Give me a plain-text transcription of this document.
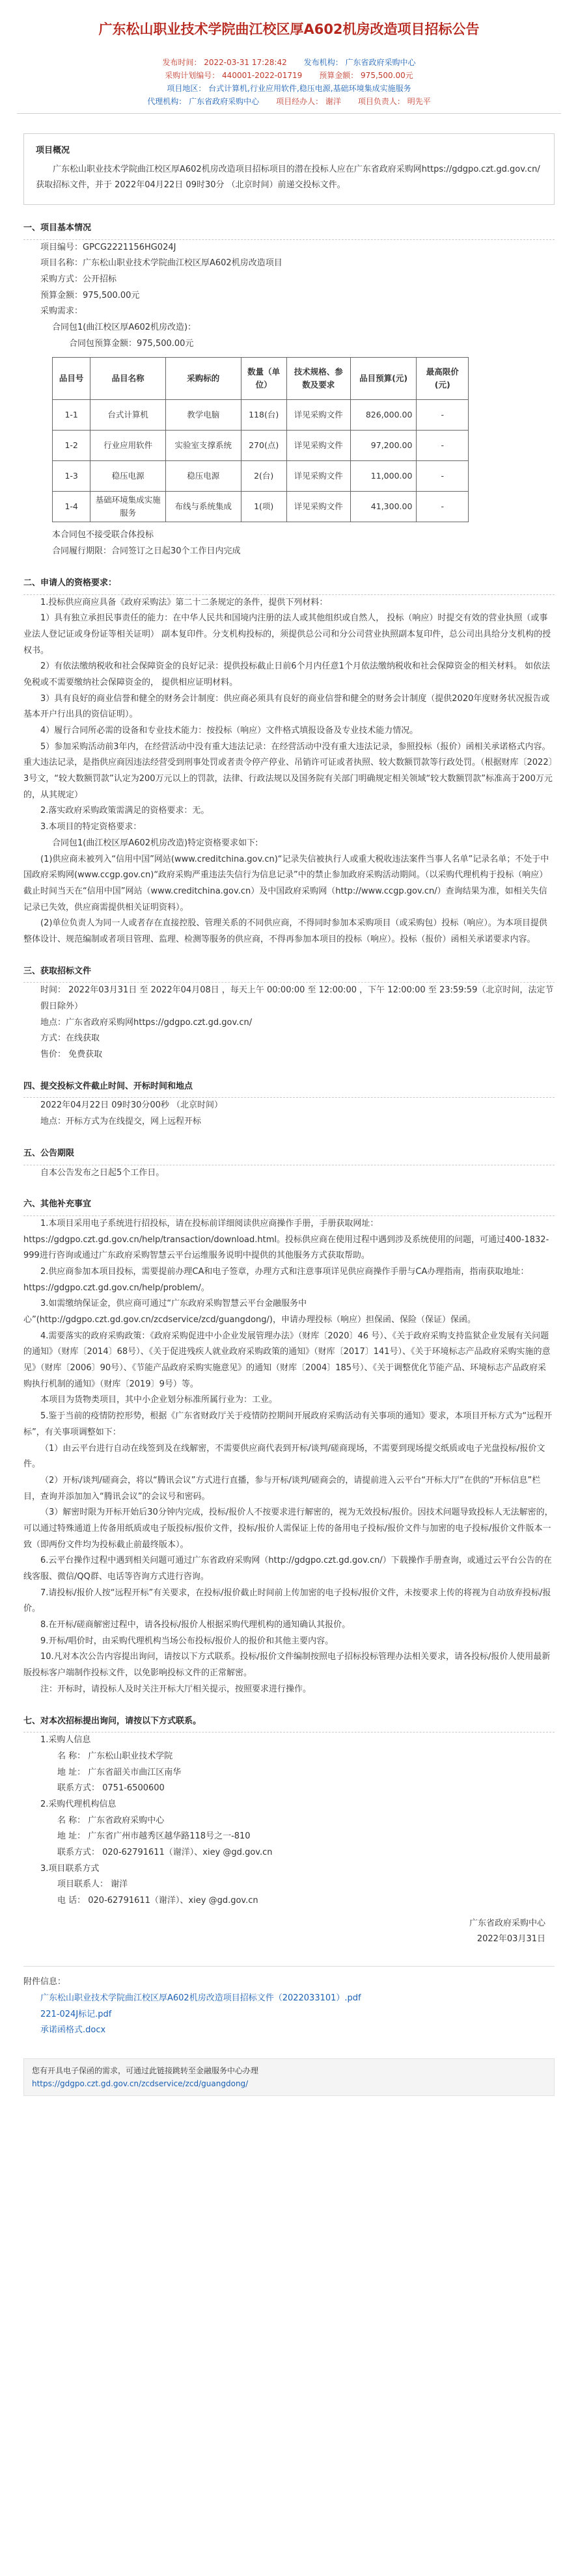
广东松山职业技术学院曲江校区厚A602机房改造项目招标公告
发布时间： 2022-03-31 17:28:42 发布机构： 广东省政府采购中心
采购计划编号： 440001-2022-01719 预算金额： 975,500.00元
项目地区： 台式计算机,行业应用软件,稳压电源,基础环境集成实施服务
代理机构： 广东省政府采购中心 项目经办人： 谢洋 项目负责人： 明先平
项目概况

广东松山职业技术学院曲江校区厚A602机房改造项目招标项目的潜在投标人应在广东省政府采购网https://gdgpo.czt.gd.gov.cn/获取招标文件，并于 2022年04月22日 09时30分 （北京时间）前递交投标文件。

一、项目基本情况

项目编号：GPCG2221156HG024J

项目名称：广东松山职业技术学院曲江校区厚A602机房改造项目

采购方式：公开招标

预算金额：975,500.00元

采购需求：

合同包1(曲江校区厚A602机房改造)：

合同包预算金额：975,500.00元

品目号	品目名称	采购标的	数量（单位）	技术规格、参数及要求	品目预算(元)	最高限价(元)
1-1	台式计算机	教学电脑	118(台)	详见采购文件	826,000.00	-
1-2	行业应用软件	实验室支撑系统	270(点)	详见采购文件	97,200.00	-
1-3	稳压电源	稳压电源	2(台)	详见采购文件	11,000.00	-
1-4	基础环境集成实施服务	布线与系统集成	1(项)	详见采购文件	41,300.00	-

本合同包不接受联合体投标

合同履行期限：合同签订之日起30个工作日内完成

二、申请人的资格要求：

1.投标供应商应具备《政府采购法》第二十二条规定的条件，提供下列材料：

1）具有独立承担民事责任的能力：在中华人民共和国境内注册的法人或其他组织或自然人， 投标（响应）时提交有效的营业执照（或事业法人登记证或身份证等相关证明） 副本复印件。分支机构投标的，须提供总公司和分公司营业执照副本复印件，总公司出具给分支机构的授权书。

2）有依法缴纳税收和社会保障资金的良好记录：提供投标截止日前6个月内任意1个月依法缴纳税收和社会保障资金的相关材料。 如依法免税或不需要缴纳社会保障资金的， 提供相应证明材料。

3）具有良好的商业信誉和健全的财务会计制度：供应商必须具有良好的商业信誉和健全的财务会计制度（提供2020年度财务状况报告或基本开户行出具的资信证明）。

4）履行合同所必需的设备和专业技术能力：按投标（响应）文件格式填报设备及专业技术能力情况。

5）参加采购活动前3年内，在经营活动中没有重大违法记录：在经营活动中没有重大违法记录，参照投标（报价）函相关承诺格式内容。 重大违法记录，是指供应商因违法经营受到刑事处罚或者责令停产停业、吊销许可证或者执照、较大数额罚款等行政处罚。（根据财库〔2022〕3号文，“较大数额罚款”认定为200万元以上的罚款，法律、行政法规以及国务院有关部门明确规定相关领域“较大数额罚款”标准高于200万元的，从其规定）

2.落实政府采购政策需满足的资格要求：无。

3.本项目的特定资格要求：

合同包1(曲江校区厚A602机房改造)特定资格要求如下:

(1)供应商未被列入“信用中国”网站(www.creditchina.gov.cn)“记录失信被执行人或重大税收违法案件当事人名单”记录名单；不处于中国政府采购网(www.ccgp.gov.cn)“政府采购严重违法失信行为信息记录”中的禁止参加政府采购活动期间。（以采购代理机构于投标（响应）截止时间当天在“信用中国”网站（www.creditchina.gov.cn）及中国政府采购网（http://www.ccgp.gov.cn/）查询结果为准，如相关失信记录已失效，供应商需提供相关证明资料）。

(2)单位负责人为同一人或者存在直接控股、管理关系的不同供应商，不得同时参加本采购项目（或采购包）投标（响应）。为本项目提供整体设计、规范编制或者项目管理、监理、检测等服务的供应商，不得再参加本项目的投标（响应）。投标（报价）函相关承诺要求内容。

三、获取招标文件

时间： 2022年03月31日 至 2022年04月08日 ，每天上午 00:00:00 至 12:00:00 ，下午 12:00:00 至 23:59:59（北京时间，法定节假日除外）

地点：广东省政府采购网https://gdgpo.czt.gd.gov.cn/

方式：在线获取

售价： 免费获取

四、提交投标文件截止时间、开标时间和地点

2022年04月22日 09时30分00秒 （北京时间）

地点：开标方式为在线提交，网上远程开标

五、公告期限

自本公告发布之日起5个工作日。

六、其他补充事宜

1.本项目采用电子系统进行招投标，请在投标前详细阅读供应商操作手册，手册获取网址：https://gdgpo.czt.gd.gov.cn/help/transaction/download.html。投标供应商在使用过程中遇到涉及系统使用的问题，可通过400-1832-999进行咨询或通过广东政府采购智慧云平台运维服务说明中提供的其他服务方式获取帮助。

2.供应商参加本项目投标，需要提前办理CA和电子签章，办理方式和注意事项详见供应商操作手册与CA办理指南，指南获取地址：https://gdgpo.czt.gd.gov.cn/help/problem/。

3.如需缴纳保证金，供应商可通过“广东政府采购智慧云平台金融服务中心”(http://gdgpo.czt.gd.gov.cn/zcdservice/zcd/guangdong/)，申请办理投标（响应）担保函、保险（保证）保函。

4.需要落实的政府采购政策：《政府采购促进中小企业发展管理办法》（财库〔2020〕46 号）、《关于政府采购支持监狱企业发展有关问题的通知》（财库〔2014〕68号）、《关于促进残疾人就业政府采购政策的通知》（财库〔2017〕141号）、《关于环境标志产品政府采购实施的意见》（财库〔2006〕90号）、《节能产品政府采购实施意见》的通知（财库〔2004〕185号）、《关于调整优化节能产品、环境标志产品政府采购执行机制的通知》（财库〔2019〕9号）等。

本项目为货物类项目，其中小企业划分标准所属行业为：工业。

5.鉴于当前的疫情防控形势，根据《广东省财政厅关于疫情防控期间开展政府采购活动有关事项的通知》要求，本项目开标方式为“远程开标”，有关事项调整如下：

（1）由云平台进行自动在线签到及在线解密，不需要供应商代表到开标/谈判/磋商现场，不需要到现场提交纸质或电子光盘投标/报价文件。

（2）开标/谈判/磋商会，将以“腾讯会议”方式进行直播，参与开标/谈判/磋商会的，请提前进入云平台“开标大厅”在供的“开标信息”栏目，查询并添加加入“腾讯会议”的会议号和密码。

（3）解密时限为开标开始后30分钟内完成，投标/报价人不按要求进行解密的，视为无效投标/报价。因技术问题导致投标人无法解密的，可以通过特殊通道上传备用纸质或电子版投标/报价文件，投标/报价人需保证上传的备用电子投标/报价文件与加密的电子投标/报价文件版本一致（即两份文件均为投标截止前最终版本）。

6.云平台操作过程中遇到相关问题可通过广东省政府采购网（http://gdgpo.czt.gd.gov.cn/）下载操作手册查询，或通过云平台公告的在线客服、微信/QQ群、电话等咨询方式进行咨询。

7.请投标/报价人按“远程开标”有关要求，在投标/报价截止时间前上传加密的电子投标/报价文件，未按要求上传的将视为自动放弃投标/报价。

8.在开标/磋商解密过程中，请各投标/报价人根据采购代理机构的通知确认其报价。

9.开标/唱价时，由采购代理机构当场公布投标/报价人的报价和其他主要内容。

10.凡对本次公告内容提出询问，请按以下方式联系。投标/报价文件编制按照电子招标投标管理办法相关要求，请各投标/报价人使用最新版投标客户端制作投标文件，以免影响投标文件的正常解密。

注：开标时，请投标人及时关注开标大厅相关提示，按照要求进行操作。

七、对本次招标提出询问，请按以下方式联系。

1.采购人信息

名 称： 广东松山职业技术学院

地 址： 广东省韶关市曲江区南华

联系方式： 0751-6500600

2.采购代理机构信息

名 称： 广东省政府采购中心

地 址： 广东省广州市越秀区越华路118号之一-810

联系方式： 020-62791611（谢洋）、xiey @gd.gov.cn

3.项目联系方式

项目联系人： 谢洋

电 话： 020-62791611（谢洋）、xiey @gd.gov.cn

广东省政府采购中心

2022年03月31日

附件信息：

广东松山职业技术学院曲江校区厚A602机房改造项目招标文件（2022033101）.pdf

221-024J标记.pdf

承诺函格式.docx

您有开具电子保函的需求，可通过此链接跳转至金融服务中心办理
https://gdgpo.czt.gd.gov.cn/zcdservice/zcd/guangdong/
